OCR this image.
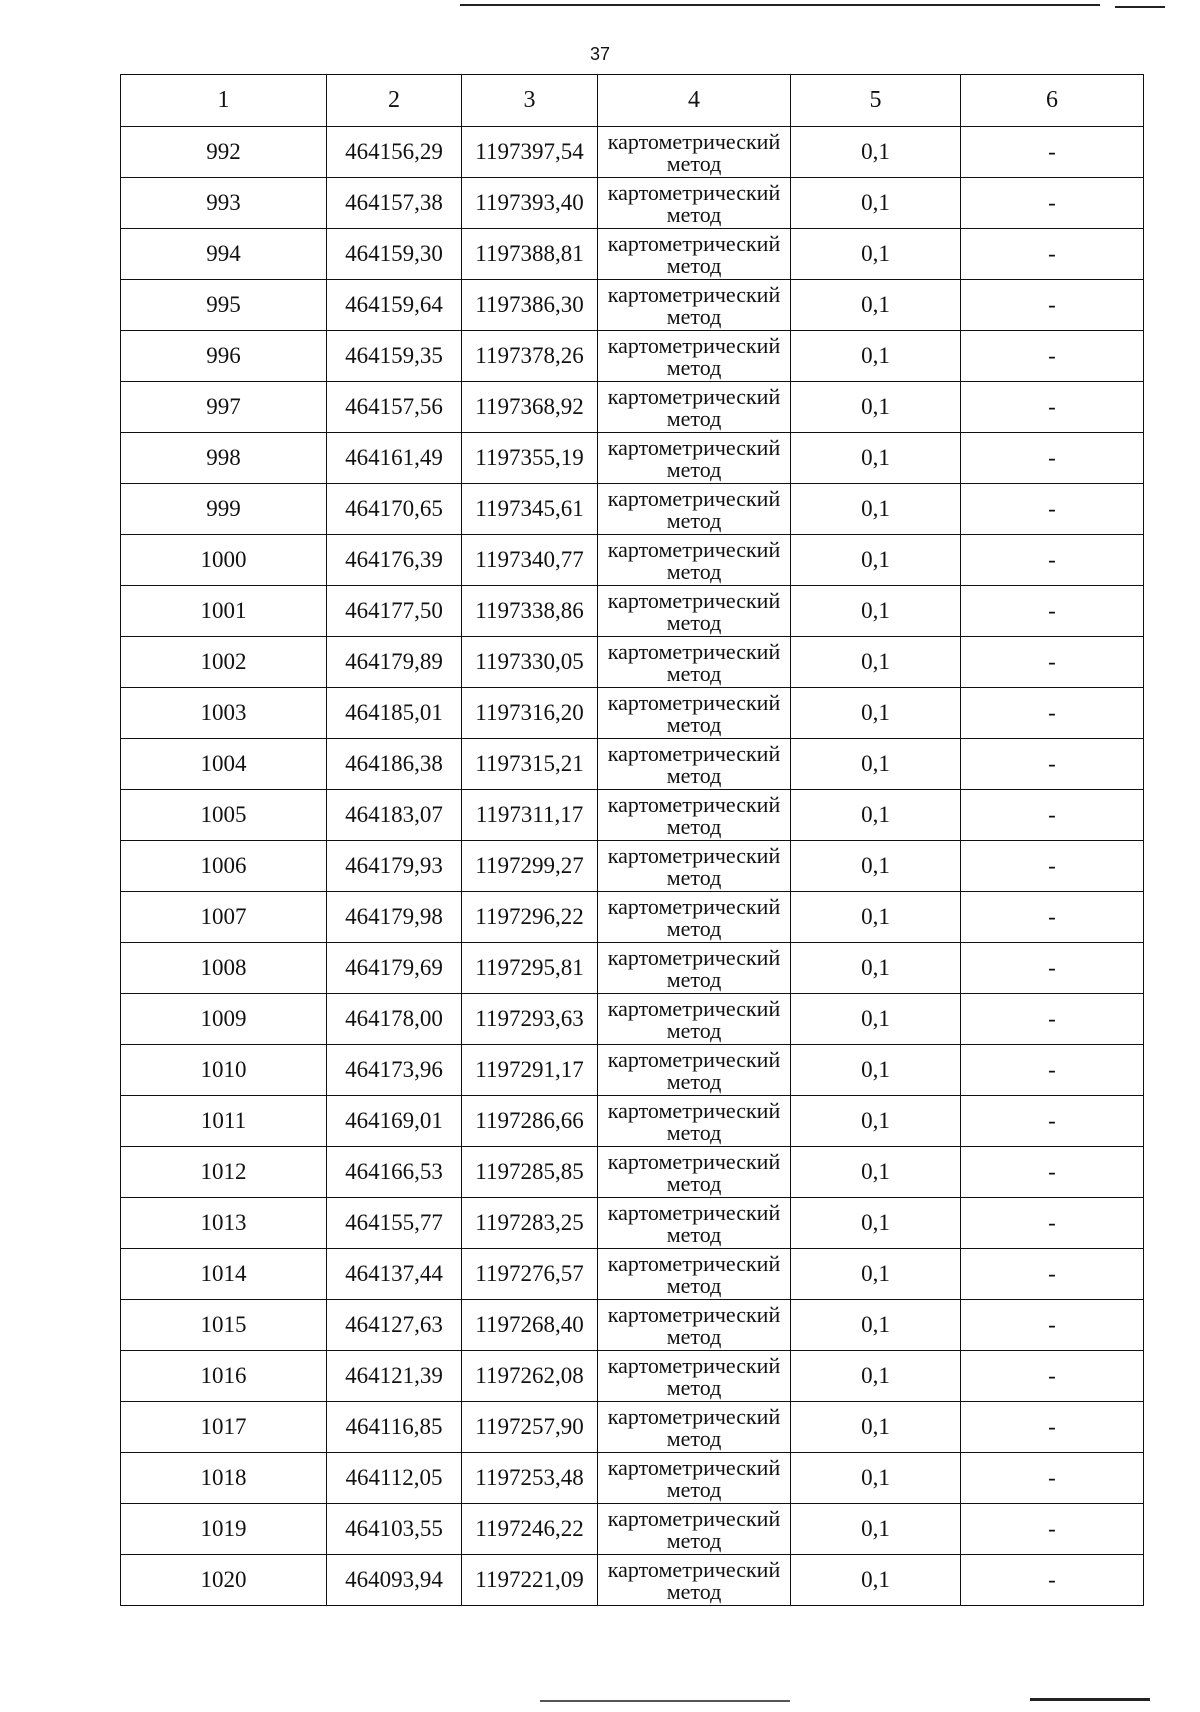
37
1	2	3	4	5	6
992	464156,29	1197397,54	картометрический метод	0,1	-
993	464157,38	1197393,40	картометрический метод	0,1	-
994	464159,30	1197388,81	картометрический метод	0,1	-
995	464159,64	1197386,30	картометрический метод	0,1	-
996	464159,35	1197378,26	картометрический метод	0,1	-
997	464157,56	1197368,92	картометрический метод	0,1	-
998	464161,49	1197355,19	картометрический метод	0,1	-
999	464170,65	1197345,61	картометрический метод	0,1	-
1000	464176,39	1197340,77	картометрический метод	0,1	-
1001	464177,50	1197338,86	картометрический метод	0,1	-
1002	464179,89	1197330,05	картометрический метод	0,1	-
1003	464185,01	1197316,20	картометрический метод	0,1	-
1004	464186,38	1197315,21	картометрический метод	0,1	-
1005	464183,07	1197311,17	картометрический метод	0,1	-
1006	464179,93	1197299,27	картометрический метод	0,1	-
1007	464179,98	1197296,22	картометрический метод	0,1	-
1008	464179,69	1197295,81	картометрический метод	0,1	-
1009	464178,00	1197293,63	картометрический метод	0,1	-
1010	464173,96	1197291,17	картометрический метод	0,1	-
1011	464169,01	1197286,66	картометрический метод	0,1	-
1012	464166,53	1197285,85	картометрический метод	0,1	-
1013	464155,77	1197283,25	картометрический метод	0,1	-
1014	464137,44	1197276,57	картометрический метод	0,1	-
1015	464127,63	1197268,40	картометрический метод	0,1	-
1016	464121,39	1197262,08	картометрический метод	0,1	-
1017	464116,85	1197257,90	картометрический метод	0,1	-
1018	464112,05	1197253,48	картометрический метод	0,1	-
1019	464103,55	1197246,22	картометрический метод	0,1	-
1020	464093,94	1197221,09	картометрический метод	0,1	-
